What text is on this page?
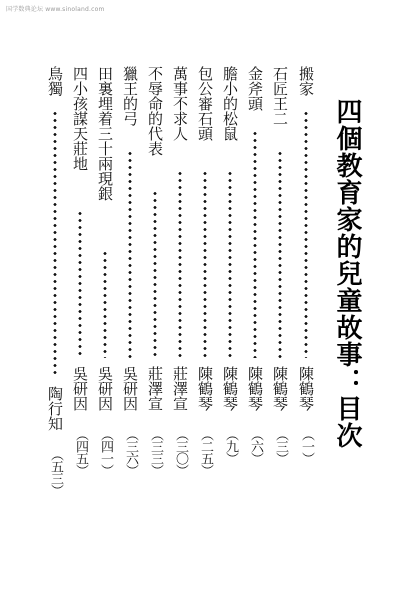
国学数典论坛 www.sinoland.com
四個教育家的兒童故事：目次
搬家
陳鶴琴
（一）
石匠王二
陳鶴琴
（三）
金斧頭
陳鶴琴
（六）
膽小的松鼠
陳鶴琴
（九）
包公審石頭
陳鶴琴
（二五）
萬事不求人
莊澤宣
（三〇）
不辱命的代表
莊澤宣
（三三）
獵王的弓
吳研因
（三六）
田裏埋着三十兩現銀
吳研因
（四一）
四小孩謀天莊地
吳研因
（四五）
鳥獨
陶行知
（五三）
